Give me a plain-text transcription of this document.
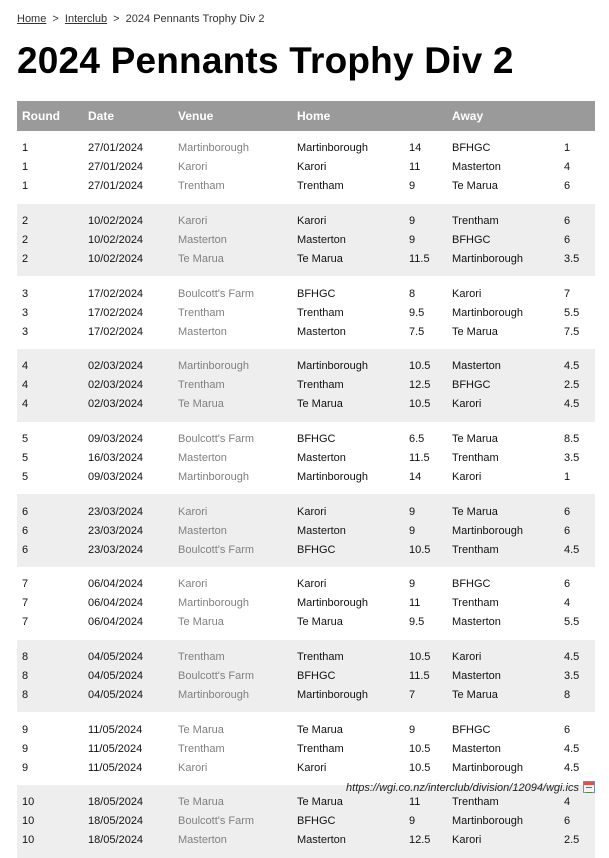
Home > Interclub > 2024 Pennants Trophy Div 2
2024 Pennants Trophy Div 2
Round	Date	Venue	Home		Away	
1	27/01/2024	Martinborough	Martinborough	14	BFHGC	1
1	27/01/2024	Karori	Karori	11	Masterton	4
1	27/01/2024	Trentham	Trentham	9	Te Marua	6
2	10/02/2024	Karori	Karori	9	Trentham	6
2	10/02/2024	Masterton	Masterton	9	BFHGC	6
2	10/02/2024	Te Marua	Te Marua	11.5	Martinborough	3.5
3	17/02/2024	Boulcott's Farm	BFHGC	8	Karori	7
3	17/02/2024	Trentham	Trentham	9.5	Martinborough	5.5
3	17/02/2024	Masterton	Masterton	7.5	Te Marua	7.5
4	02/03/2024	Martinborough	Martinborough	10.5	Masterton	4.5
4	02/03/2024	Trentham	Trentham	12.5	BFHGC	2.5
4	02/03/2024	Te Marua	Te Marua	10.5	Karori	4.5
5	09/03/2024	Boulcott's Farm	BFHGC	6.5	Te Marua	8.5
5	16/03/2024	Masterton	Masterton	11.5	Trentham	3.5
5	09/03/2024	Martinborough	Martinborough	14	Karori	1
6	23/03/2024	Karori	Karori	9	Te Marua	6
6	23/03/2024	Masterton	Masterton	9	Martinborough	6
6	23/03/2024	Boulcott's Farm	BFHGC	10.5	Trentham	4.5
7	06/04/2024	Karori	Karori	9	BFHGC	6
7	06/04/2024	Martinborough	Martinborough	11	Trentham	4
7	06/04/2024	Te Marua	Te Marua	9.5	Masterton	5.5
8	04/05/2024	Trentham	Trentham	10.5	Karori	4.5
8	04/05/2024	Boulcott's Farm	BFHGC	11.5	Masterton	3.5
8	04/05/2024	Martinborough	Martinborough	7	Te Marua	8
9	11/05/2024	Te Marua	Te Marua	9	BFHGC	6
9	11/05/2024	Trentham	Trentham	10.5	Masterton	4.5
9	11/05/2024	Karori	Karori	10.5	Martinborough	4.5
10	18/05/2024	Te Marua	Te Marua	11	Trentham	4
10	18/05/2024	Boulcott's Farm	BFHGC	9	Martinborough	6
10	18/05/2024	Masterton	Masterton	12.5	Karori	2.5
https://wgi.co.nz/interclub/division/12094/wgi.ics
